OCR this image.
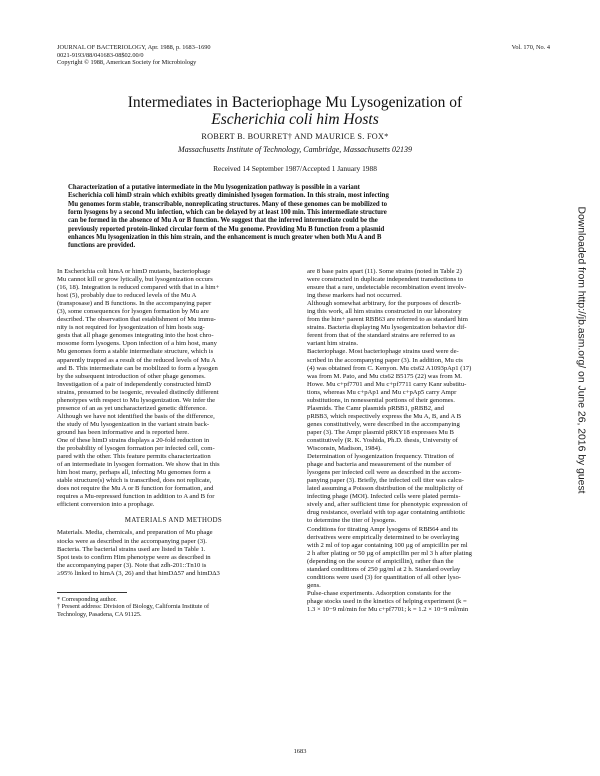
JOURNAL OF BACTERIOLOGY, Apr. 1988, p. 1683–1690
0021-9193/88/041683-08$02.00/0
Copyright © 1988, American Society for Microbiology
Vol. 170, No. 4
Intermediates in Bacteriophage Mu Lysogenization of
Escherichia coli him Hosts
ROBERT B. BOURRET† AND MAURICE S. FOX*
Massachusetts Institute of Technology, Cambridge, Massachusetts 02139
Received 14 September 1987/Accepted 1 January 1988
Characterization of a putative intermediate in the Mu lysogenization pathway is possible in a variant
Escherichia coli himD strain which exhibits greatly diminished lysogen formation. In this strain, most infecting
Mu genomes form stable, transcribable, nonreplicating structures. Many of these genomes can be mobilized to
form lysogens by a second Mu infection, which can be delayed by at least 100 min. This intermediate structure
can be formed in the absence of Mu A or B function. We suggest that the inferred intermediate could be the
previously reported protein-linked circular form of the Mu genome. Providing Mu B function from a plasmid
enhances Mu lysogenization in this him strain, and the enhancement is much greater when both Mu A and B
functions are provided.
In Escherichia coli himA or himD mutants, bacteriophage
Mu cannot kill or grow lytically, but lysogenization occurs
(16, 18). Integration is reduced compared with that in a him+
host (5), probably due to reduced levels of the Mu A
(transposase) and B functions. In the accompanying paper
(3), some consequences for lysogen formation by Mu are
described. The observation that establishment of Mu immu-
nity is not required for lysogenization of him hosts sug-
gests that all phage genomes integrating into the host chro-
mosome form lysogens. Upon infection of a him host, many
Mu genomes form a stable intermediate structure, which is
apparently trapped as a result of the reduced levels of Mu A
and B. This intermediate can be mobilized to form a lysogen
by the subsequent introduction of other phage genomes.
Investigation of a pair of independently constructed himD
strains, presumed to be isogenic, revealed distinctly different
phenotypes with respect to Mu lysogenization. We infer the
presence of an as yet uncharacterized genetic difference.
Although we have not identified the basis of the difference,
the study of Mu lysogenization in the variant strain back-
ground has been informative and is reported here.
One of these himD strains displays a 20-fold reduction in
the probability of lysogen formation per infected cell, com-
pared with the other. This feature permits characterization
of an intermediate in lysogen formation. We show that in this
him host many, perhaps all, infecting Mu genomes form a
stable structure(s) which is transcribed, does not replicate,
does not require the Mu A or B function for formation, and
requires a Mu-repressed function in addition to A and B for
efficient conversion into a prophage.
MATERIALS AND METHODS
Materials. Media, chemicals, and preparation of Mu phage
stocks were as described in the accompanying paper (3).
Bacteria. The bacterial strains used are listed in Table 1.
Spot tests to confirm Him phenotype were as described in
the accompanying paper (3). Note that zdh-201::Tn10 is
≥95% linked to himA (3, 26) and that himDΔ57 and himDΔ3
* Corresponding author.
† Present address: Division of Biology, California Institute of
Technology, Pasadena, CA 91125.
are 8 base pairs apart (11). Some strains (noted in Table 2)
were constructed in duplicate independent transductions to
ensure that a rare, undetectable recombination event involv-
ing these markers had not occurred.
Although somewhat arbitrary, for the purposes of describ-
ing this work, all him strains constructed in our laboratory
from the him+ parent RBB63 are referred to as standard him
strains. Bacteria displaying Mu lysogenization behavior dif-
ferent from that of the standard strains are referred to as
variant him strains.
Bacteriophage. Most bacteriophage strains used were de-
scribed in the accompanying paper (3). In addition, Mu cts
(4) was obtained from C. Kenyon. Mu cts62 A1093pAp1 (17)
was from M. Pato, and Mu cts62 B5175 (22) was from M.
Howe. Mu c+pf7701 and Mu c+pf7711 carry Kanr substitu-
tions, whereas Mu c+pAp1 and Mu c+pAp5 carry Ampr
substitutions, in nonessential portions of their genomes.
Plasmids. The Camr plasmids pRBB1, pRBB2, and
pRBB3, which respectively express the Mu A, B, and A B
genes constitutively, were described in the accompanying
paper (3). The Ampr plasmid pRKY18 expresses Mu B
constitutively (R. K. Yoshida, Ph.D. thesis, University of
Wisconsin, Madison, 1984).
Determination of lysogenization frequency. Titration of
phage and bacteria and measurement of the number of
lysogens per infected cell were as described in the accom-
panying paper (3). Briefly, the infected cell titer was calcu-
lated assuming a Poisson distribution of the multiplicity of
infecting phage (MOI). Infected cells were plated permis-
sively and, after sufficient time for phenotypic expression of
drug resistance, overlaid with top agar containing antibiotic
to determine the titer of lysogens.
Conditions for titrating Ampr lysogens of RBB64 and its
derivatives were empirically determined to be overlaying
with 2 ml of top agar containing 100 µg of ampicillin per ml
2 h after plating or 50 µg of ampicillin per ml 3 h after plating
(depending on the source of ampicillin), rather than the
standard conditions of 250 µg/ml at 2 h. Standard overlay
conditions were used (3) for quantitation of all other lyso-
gens.
Pulse-chase experiments. Adsorption constants for the
phage stocks used in the kinetics of helping experiment (k =
1.3 × 10−9 ml/min for Mu c+pf7701; k = 1.2 × 10−9 ml/min
1683
Downloaded from http://jb.asm.org/ on June 26, 2016 by guest
